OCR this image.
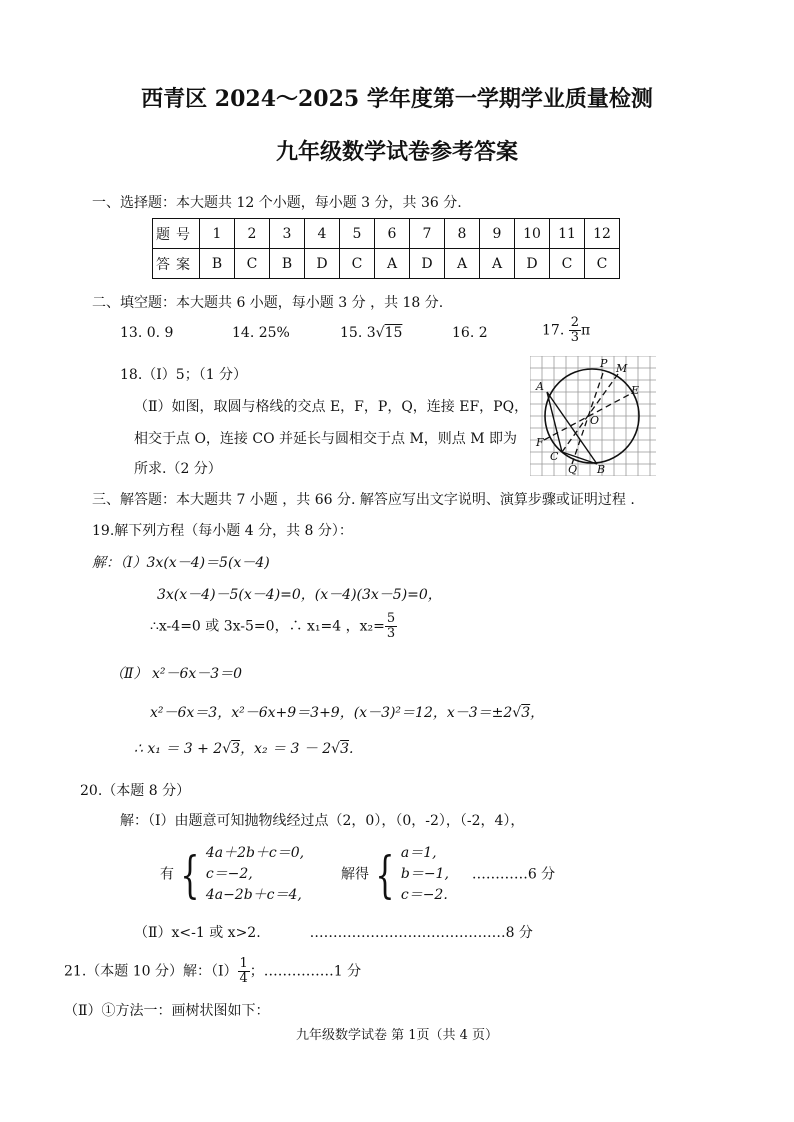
西青区 2024～2025 学年度第一学期学业质量检测
九年级数学试卷参考答案
一、选择题：本大题共 12 个小题，每小题 3 分，共 36 分.
题号	1	2	3	4	5	6	7	8	9	10	11	12
答案	B	C	B	D	C	A	D	A	A	D	C	C
二、填空题：本大题共 6 小题，每小题 3 分 ，共 18 分.
13. 0. 9	14. 25%	15. 3√15	16. 2	17. $\frac{2}{3}$ π
18.（Ⅰ）5；（1 分）
（Ⅱ）如图，取圆与格线的交点 E，F，P，Q，连接 EF，PQ，
相交于点 O，连接 CO 并延长与圆相交于点 M，则点 M 即为
所求.（2 分）
P M
A	E
O
F
C
Q B
三、解答题：本大题共 7 小题 ，共 66 分. 解答应写出文字说明、演算步骤或证明过程 .
19.解下列方程（每小题 4 分，共 8 分）：
解：（Ⅰ）3x(x－4)＝5(x－4)
3x(x－4)－5(x－4)=0，(x－4)(3x－5)=0，
∴x-4=0 或 3x-5=0，∴ x₁=4 ，$x_2= \frac{5}{3}$
（Ⅱ） x²－6x－3＝0
x²－6x＝3，x²－6x+9＝3+9，(x－3)²＝12，x－3＝±2√3，
∴ x₁ ＝ 3 + 2√3，x₂ ＝ 3 － 2√3.
20.（本题 8 分）
解：（Ⅰ）由题意可知抛物线经过点（2，0），（0，-2），（-2，4），
有 { 4a＋2b＋c＝0,
c＝−2,
4a−2b＋c＝4,
解得 { a＝1,
b＝−1,
c＝−2.
…………6 分
（Ⅱ）x<-1 或 x>2.	……………………………………8 分
21.（本题 10 分）解：（Ⅰ） $\frac{1}{4}$ ；……………1 分
（Ⅱ）①方法一：画树状图如下：
九年级数学试卷 第 1页（共 4 页）
